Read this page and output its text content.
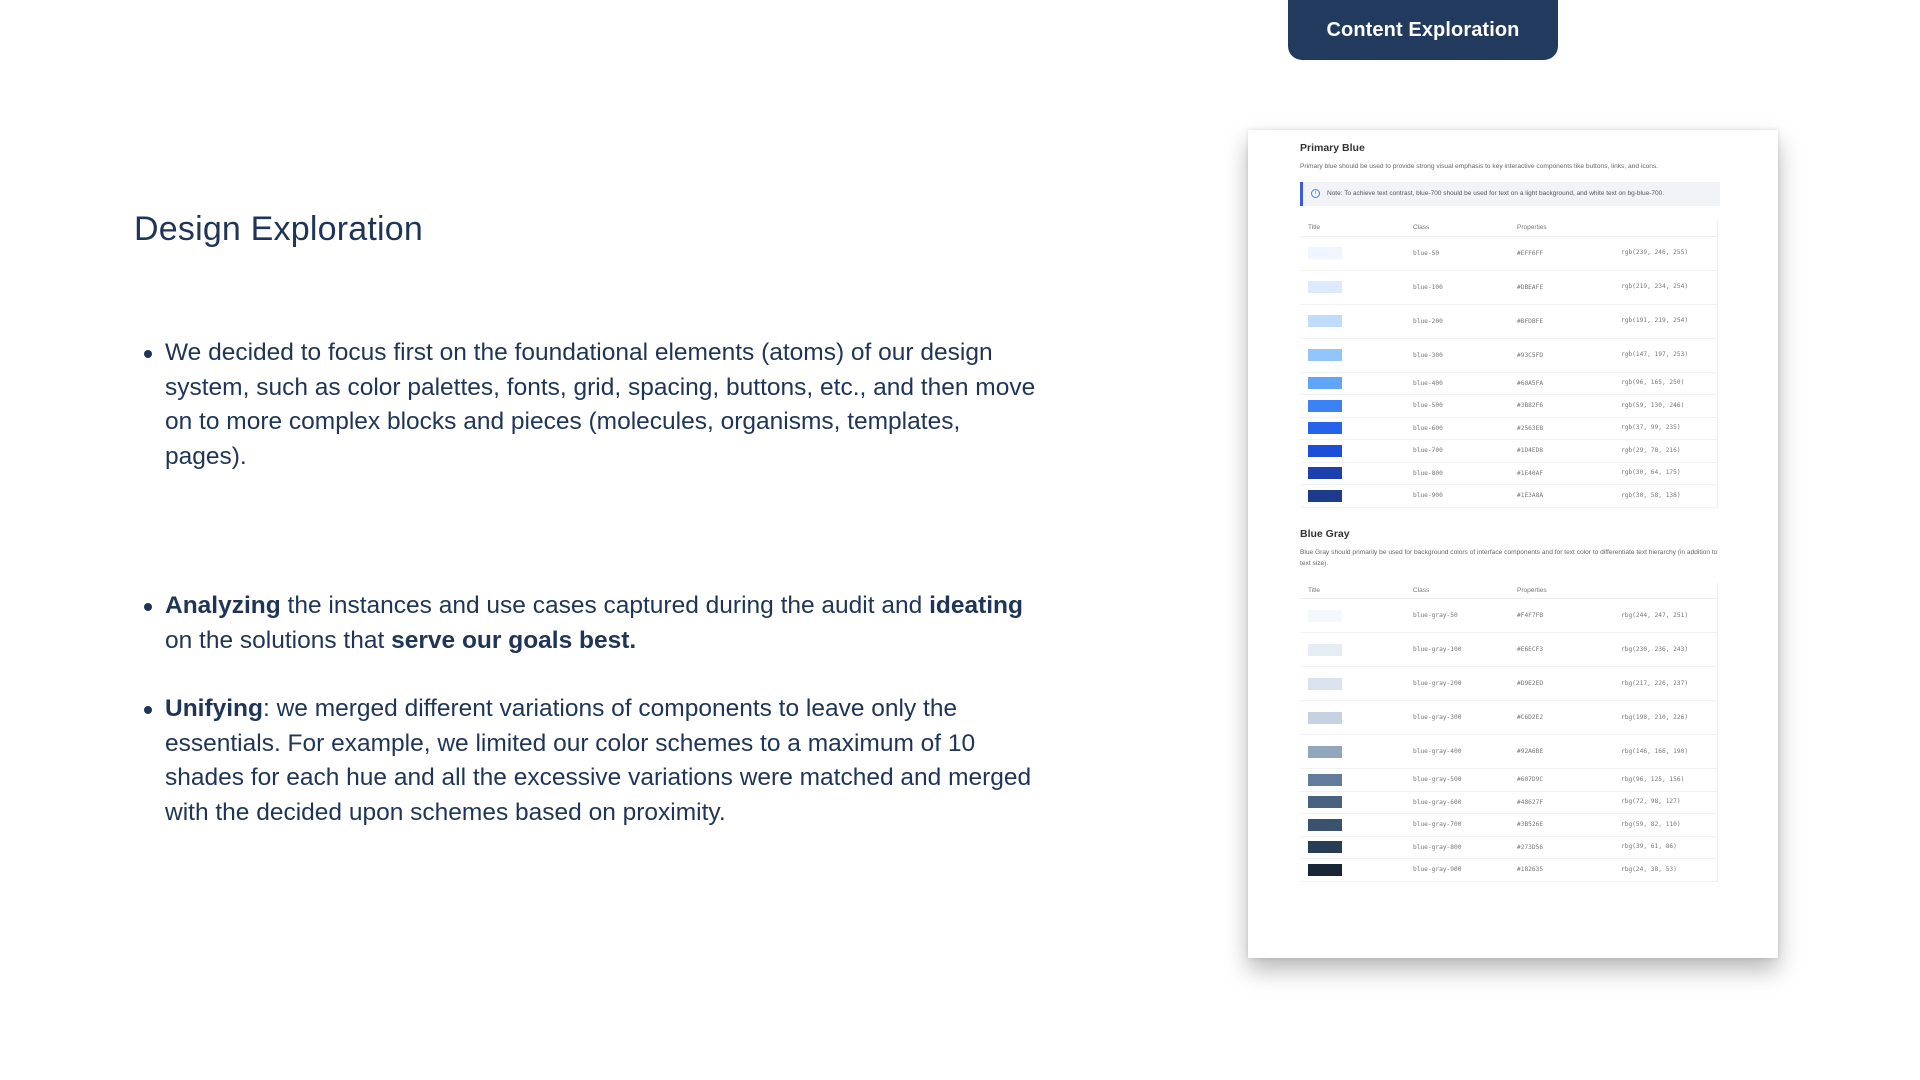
Content Exploration
Design Exploration

We decided to focus first on the foundational elements (atoms) of our design system, such as color palettes, fonts, grid, spacing, buttons, etc., and then move on to more complex blocks and pieces (molecules, organisms, templates, pages).

Analyzing the instances and use cases captured during the audit and ideating on the solutions that serve our goals best.

Unifying: we merged different variations of components to leave only the essentials. For example, we limited our color schemes to a maximum of 10 shades for each hue and all the excessive variations were matched and merged with the decided upon schemes based on proximity.

Primary Blue

Primary blue should be used to provide strong visual emphasis to key interactive components like buttons, links, and icons.

i	Note: To achieve text contrast, blue-700 should be used for text on a light background, and white text on bg-blue-700.
Title	Class	Properties	

	blue-50	#EFF6FF	rgb(239, 246, 255)

	blue-100	#DBEAFE	rgb(219, 234, 254)

	blue-200	#BFDBFE	rgb(191, 219, 254)

	blue-300	#93C5FD	rgb(147, 197, 253)

	blue-400	#60A5FA	rgb(96, 165, 250)

	blue-500	#3B82F6	rgb(59, 130, 246)

	blue-600	#2563EB	rgb(37, 99, 235)

	blue-700	#1D4ED8	rgb(29, 78, 216)

	blue-800	#1E40AF	rgb(30, 64, 175)

	blue-900	#1E3A8A	rgb(30, 58, 138)
Blue Gray

Blue Gray should primarily be used for background colors of interface components and for text color to differentiate text hierarchy (in addition to text size).

Title	Class	Properties	

	blue-gray-50	#F4F7FB	rbg(244, 247, 251)

	blue-gray-100	#E6ECF3	rbg(230, 236, 243)

	blue-gray-200	#D9E2ED	rbg(217, 226, 237)

	blue-gray-300	#C6D2E2	rbg(198, 210, 226)

	blue-gray-400	#92A6BE	rbg(146, 166, 190)

	blue-gray-500	#607D9C	rbg(96, 125, 156)

	blue-gray-600	#48627F	rbg(72, 98, 127)

	blue-gray-700	#3B526E	rbg(59, 82, 110)

	blue-gray-800	#273D56	rbg(39, 61, 86)

	blue-gray-900	#182635	rbg(24, 38, 53)
